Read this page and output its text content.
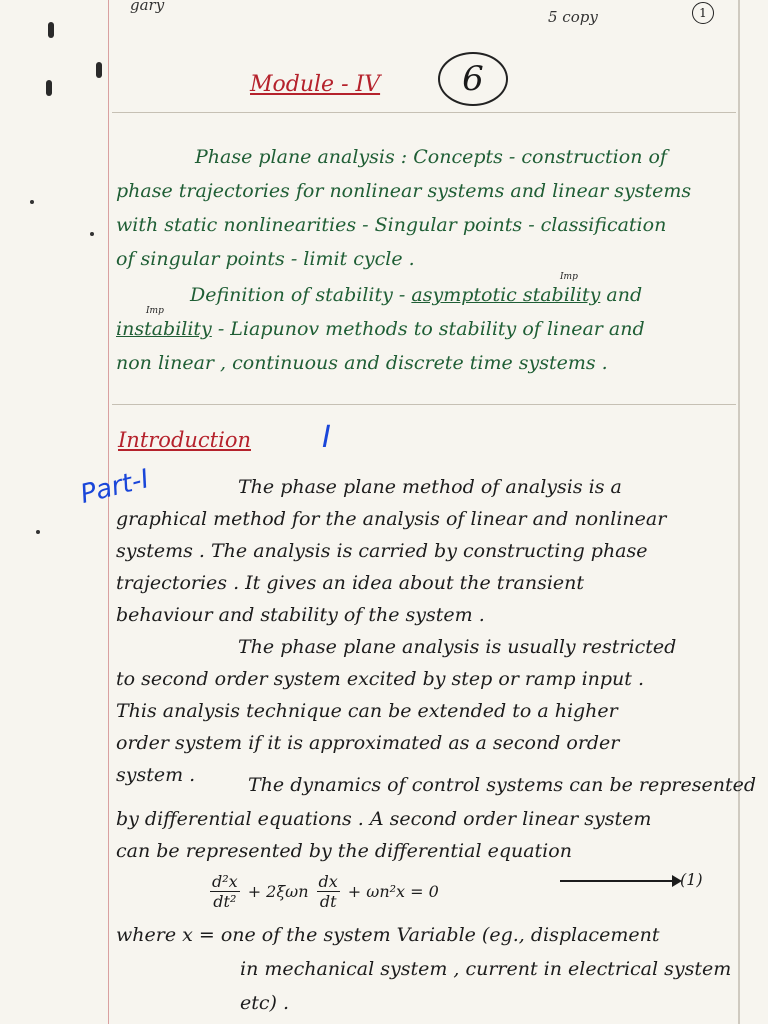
gary
5 copy	1
Module - IV	6
Phase plane analysis : Concepts - construction of
phase trajectories for nonlinear systems and linear systems
with static nonlinearities - Singular points - classification
of singular points - limit cycle .
Definition of stability - asymptotic stability and
Imp
instability - Liapunov methods to stability of linear and
Imp
non linear , continuous and discrete time systems .
Introduction I
Part-I	The phase plane method of analysis is a
graphical method for the analysis of linear and nonlinear
systems . The analysis is carried by constructing phase
trajectories . It gives an idea about the transient
behaviour and stability of the system .
The phase plane analysis is usually restricted
to second order system excited by step or ramp input .
This analysis technique can be extended to a higher
order system if it is approximated as a second order
system .	The dynamics of control systems can be represented
by differential equations . A second order linear system
can be represented by the differential equation
$\frac{\text{d²x}}{\text{dt²}} + 2\xi\omega n \frac{dx}{dt} + \omega n^2x = 0$
(1)
where x = one of the system Variable (eg., displacement
in mechanical system , current in electrical system
etc) .
